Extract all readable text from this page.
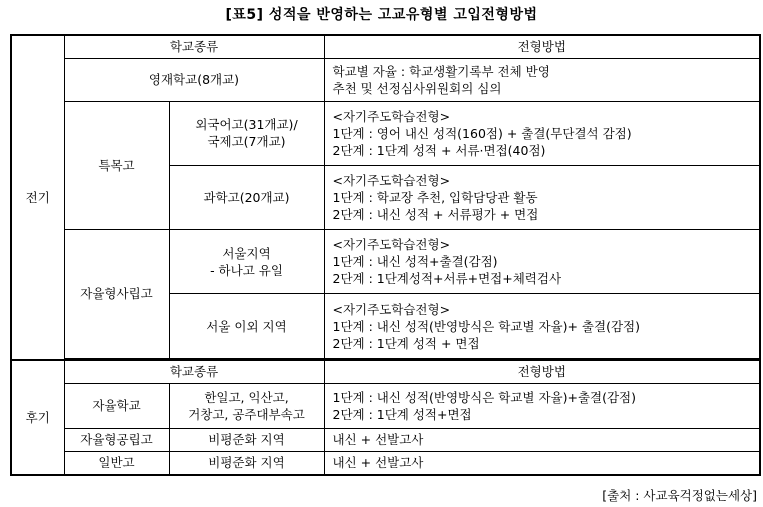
[표5] 성적을 반영하는 고교유형별 고입전형방법
전기	학교종류		전형방법
	영재학교(8개교)		학교별 자율 : 학교생활기록부 전체 반영
추천 및 선정심사위원회의 심의

	특목고	외국어고(31개교)/
국제고(7개교)	<자기주도학습전형>
1단계 : 영어 내신 성적(160점) + 출결(무단결석 감점)
2단계 : 1단계 성적 + 서류·면접(40점)

		과학고(20개교)	<자기주도학습전형>
1단계 : 학교장 추천, 입학담당관 활동
2단계 : 내신 성적 + 서류평가 + 면접

	자율형사립고	서울지역
- 하나고 유일	<자기주도학습전형>
1단계 : 내신 성적+출결(감점)
2단계 : 1단계성적+서류+면접+체력검사

		서울 이외 지역	<자기주도학습전형>
1단계 : 내신 성적(반영방식은 학교별 자율)+ 출결(감점)
2단계 : 1단계 성적 + 면접

후기	학교종류		전형방법
	자율학교	한일고, 익산고,
거창고, 공주대부속고	1단계 : 내신 성적(반영방식은 학교별 자율)+출결(감점)
2단계 : 1단계 성적+면접

	자율형공립고	비평준화 지역	내신 + 선발고사
	일반고	비평준화 지역	내신 + 선발고사
[출처 : 사교육걱정없는세상]
